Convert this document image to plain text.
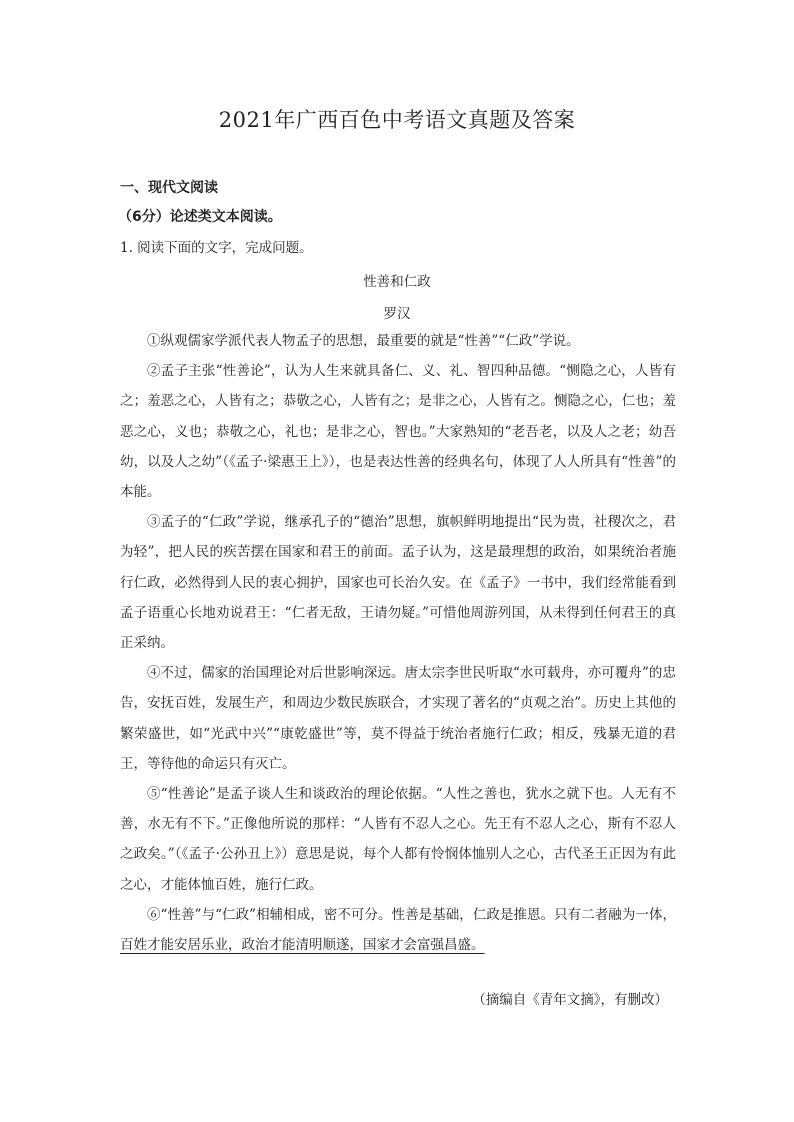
2021年广西百色中考语文真题及答案
一、现代文阅读
（6分）论述类文本阅读。
1. 阅读下面的文字，完成问题。
性善和仁政
罗汉

①纵观儒家学派代表人物孟子的思想，最重要的就是“性善”“仁政”学说。

②孟子主张“性善论”，认为人生来就具备仁、义、礼、智四种品德。“恻隐之心，人皆有之；羞恶之心，人皆有之；恭敬之心，人皆有之；是非之心，人皆有之。恻隐之心，仁也；羞恶之心，义也；恭敬之心，礼也；是非之心，智也。”大家熟知的“老吾老，以及人之老；幼吾幼，以及人之幼”（《孟子·梁惠王上》），也是表达性善的经典名句，体现了人人所具有“性善”的本能。

③孟子的“仁政”学说，继承孔子的“德治”思想，旗帜鲜明地提出“民为贵，社稷次之，君为轻”，把人民的疾苦摆在国家和君王的前面。孟子认为，这是最理想的政治，如果统治者施行仁政，必然得到人民的衷心拥护，国家也可长治久安。在《孟子》一书中，我们经常能看到孟子语重心长地劝说君王：“仁者无敌，王请勿疑。”可惜他周游列国，从未得到任何君王的真正采纳。

④不过，儒家的治国理论对后世影响深远。唐太宗李世民听取“水可载舟，亦可覆舟”的忠告，安抚百姓，发展生产，和周边少数民族联合，才实现了著名的“贞观之治”。历史上其他的繁荣盛世，如“光武中兴”“康乾盛世”等，莫不得益于统治者施行仁政；相反，残暴无道的君王，等待他的命运只有灭亡。

⑤“性善论”是孟子谈人生和谈政治的理论依据。“人性之善也，犹水之就下也。人无有不善，水无有不下。”正像他所说的那样：“人皆有不忍人之心。先王有不忍人之心，斯有不忍人之政矣。”（《孟子·公孙丑上》）意思是说，每个人都有怜悯体恤别人之心，古代圣王正因为有此之心，才能体恤百姓，施行仁政。

⑥“性善”与“仁政”相辅相成，密不可分。性善是基础，仁政是推恩。只有二者融为一体，百姓才能安居乐业，政治才能清明顺遂，国家才会富强昌盛。

（摘编自《青年文摘》，有删改）
